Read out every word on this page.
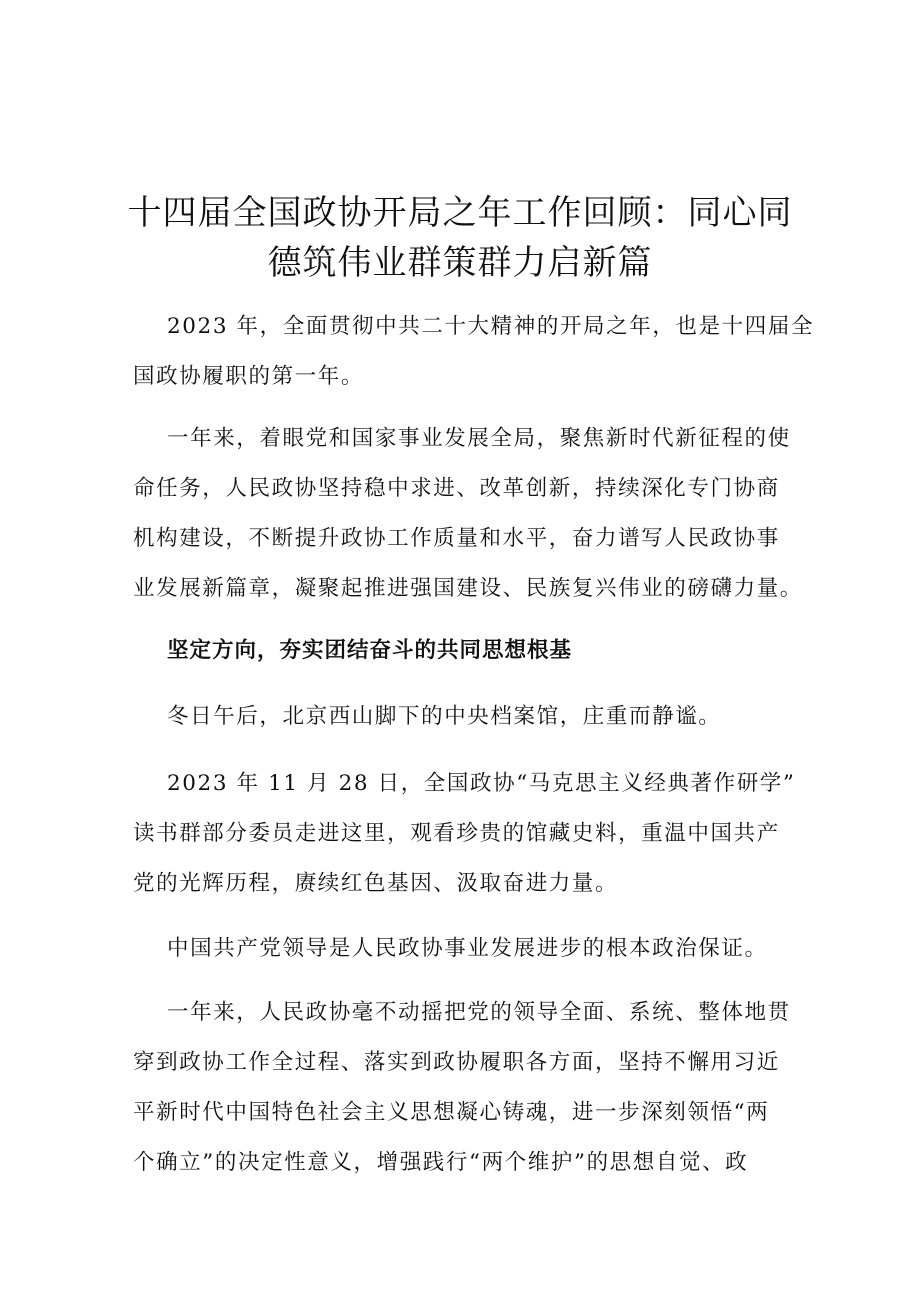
十四届全国政协开局之年工作回顾：同心同
德筑伟业群策群力启新篇

2023 年，全面贯彻中共二十大精神的开局之年，也是十四届全
国政协履职的第一年。

一年来，着眼党和国家事业发展全局，聚焦新时代新征程的使
命任务，人民政协坚持稳中求进、改革创新，持续深化专门协商
机构建设，不断提升政协工作质量和水平，奋力谱写人民政协事
业发展新篇章，凝聚起推进强国建设、民族复兴伟业的磅礴力量。

坚定方向，夯实团结奋斗的共同思想根基

冬日午后，北京西山脚下的中央档案馆，庄重而静谧。

2023 年 11 月 28 日，全国政协“马克思主义经典著作研学”
读书群部分委员走进这里，观看珍贵的馆藏史料，重温中国共产
党的光辉历程，赓续红色基因、汲取奋进力量。

中国共产党领导是人民政协事业发展进步的根本政治保证。

一年来，人民政协毫不动摇把党的领导全面、系统、整体地贯
穿到政协工作全过程、落实到政协履职各方面，坚持不懈用习近
平新时代中国特色社会主义思想凝心铸魂，进一步深刻领悟“两
个确立”的决定性意义，增强践行“两个维护”的思想自觉、政
